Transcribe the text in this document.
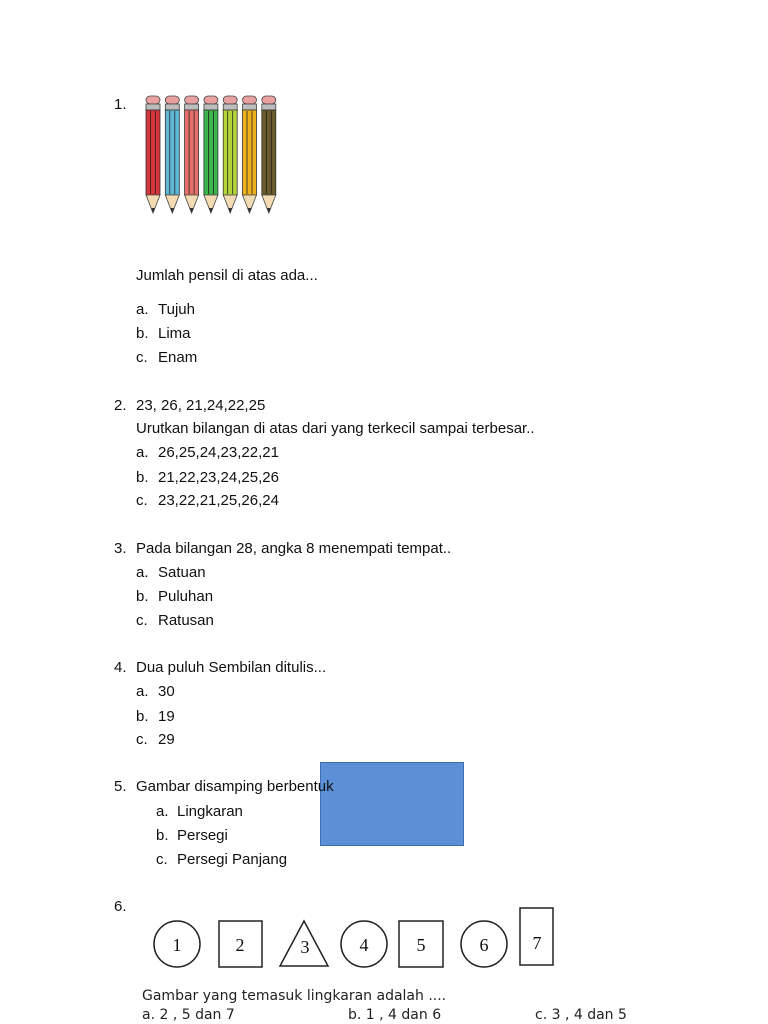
1.
Jumlah pensil di atas ada...
a. Tujuh
b. Lima
c. Enam
2. 23, 26, 21,24,22,25
Urutkan bilangan di atas dari yang terkecil sampai terbesar..
a. 26,25,24,23,22,21
b. 21,22,23,24,25,26
c. 23,22,21,25,26,24
3. Pada bilangan 28, angka 8 menempati tempat..
a. Satuan
b. Puluhan
c. Ratusan
4. Dua puluh Sembilan ditulis...
a. 30
b. 19
c. 29
5. Gambar disamping berbentuk
a. Lingkaran
b. Persegi
c. Persegi Panjang
6.
1	2	3	4	5	6 7
Gambar yang temasuk lingkaran adalah ....
a. 2 , 5 dan 7	b. 1 , 4 dan 6	c. 3 , 4 dan 5
